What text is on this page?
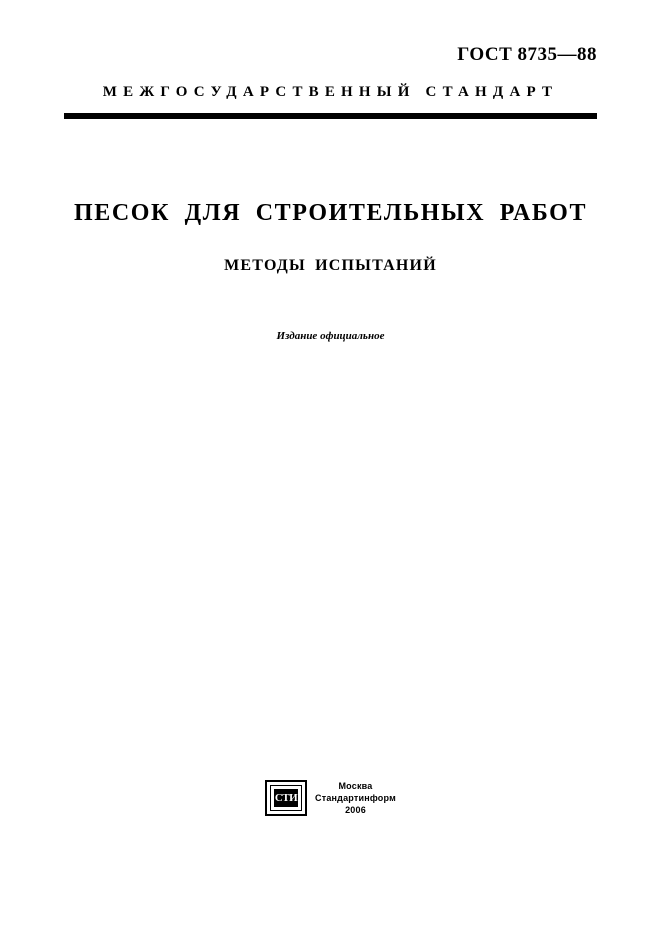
ГОСТ 8735—88
МЕЖГОСУДАРСТВЕННЫЙ СТАНДАРТ
ПЕСОК ДЛЯ СТРОИТЕЛЬНЫХ РАБОТ
МЕТОДЫ ИСПЫТАНИЙ
Издание официальное
СТИ
Москва
Стандартинформ
2006
